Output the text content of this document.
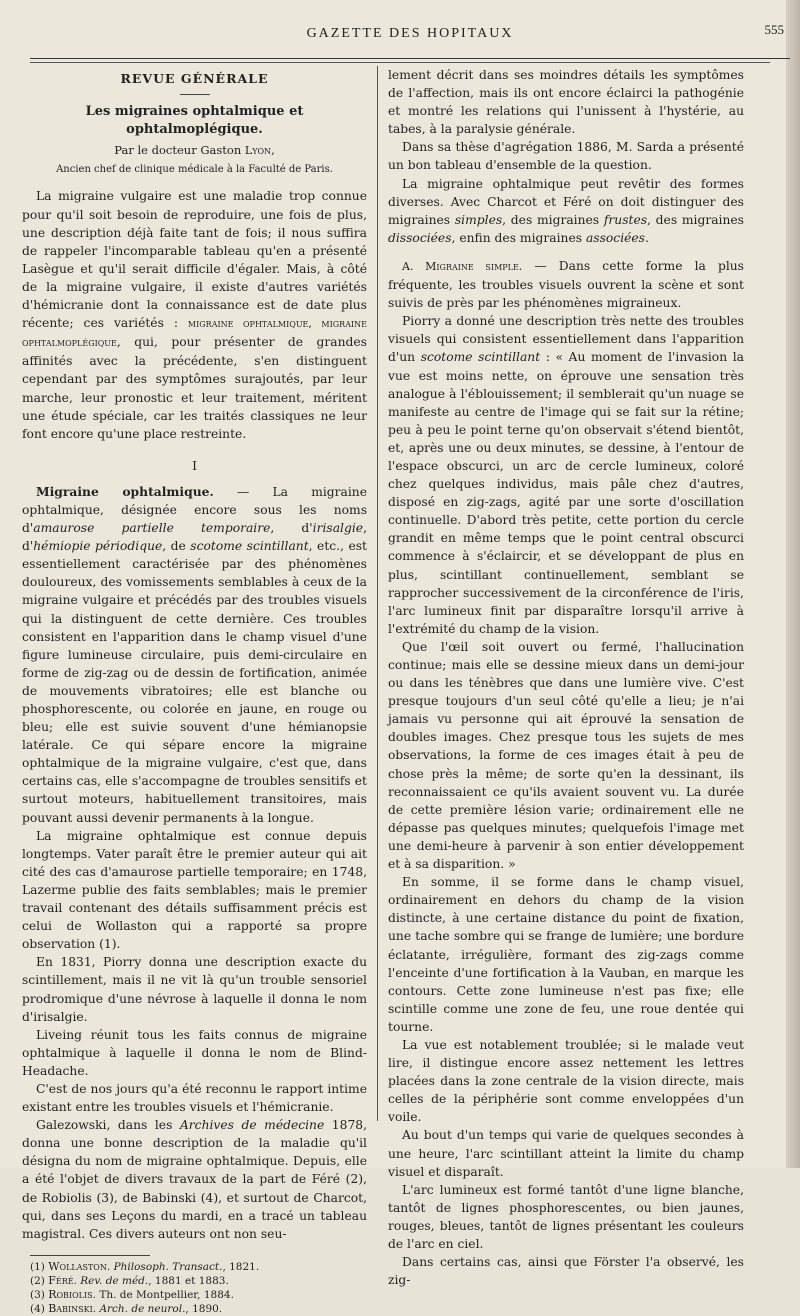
GAZETTE DES HOPITAUX	555
REVUE GÉNÉRALE
Les migraines ophtalmique et ophtalmoplégique.
Par le docteur Gaston Lyon,
Ancien chef de clinique médicale à la Faculté de Paris.

La migraine vulgaire est une maladie trop connue pour qu'il soit besoin de reproduire, une fois de plus, une description déjà faite tant de fois; il nous suffira de rappeler l'incomparable tableau qu'en a présenté Lasègue et qu'il serait difficile d'égaler. Mais, à côté de la migraine vulgaire, il existe d'autres variétés d'hémicranie dont la connaissance est de date plus récente; ces variétés : migraine ophtalmique, migraine ophtalmoplégique, qui, pour présenter de grandes affinités avec la précédente, s'en distinguent cependant par des symptômes surajoutés, par leur marche, leur pronostic et leur traitement, méritent une étude spéciale, car les traités classiques ne leur font encore qu'une place restreinte.

I

Migraine ophtalmique. — La migraine ophtalmique, désignée encore sous les noms d'amaurose partielle temporaire, d'irisalgie, d'hémiopie périodique, de scotome scintillant, etc., est essentiellement caractérisée par des phénomènes douloureux, des vomissements semblables à ceux de la migraine vulgaire et précédés par des troubles visuels qui la distinguent de cette dernière. Ces troubles consistent en l'apparition dans le champ visuel d'une figure lumineuse circulaire, puis demi-circulaire en forme de zig-zag ou de dessin de fortification, animée de mouvements vibratoires; elle est blanche ou phosphorescente, ou colorée en jaune, en rouge ou bleu; elle est suivie souvent d'une hémianopsie latérale. Ce qui sépare encore la migraine ophtalmique de la migraine vulgaire, c'est que, dans certains cas, elle s'accompagne de troubles sensitifs et surtout moteurs, habituellement transitoires, mais pouvant aussi devenir permanents à la longue.

La migraine ophtalmique est connue depuis longtemps. Vater paraît être le premier auteur qui ait cité des cas d'amaurose partielle temporaire; en 1748, Lazerme publie des faits semblables; mais le premier travail contenant des détails suffisamment précis est celui de Wollaston qui a rapporté sa propre observation (1).

En 1831, Piorry donna une description exacte du scintillement, mais il ne vit là qu'un trouble sensoriel prodromique d'une névrose à laquelle il donna le nom d'irisalgie.

Liveing réunit tous les faits connus de migraine ophtalmique à laquelle il donna le nom de Blind-Headache.

C'est de nos jours qu'a été reconnu le rapport intime existant entre les troubles visuels et l'hémicranie.

Galezowski, dans les Archives de médecine 1878, donna une bonne description de la maladie qu'il désigna du nom de migraine ophtalmique. Depuis, elle a été l'objet de divers travaux de la part de Féré (2), de Robiolis (3), de Babinski (4), et surtout de Charcot, qui, dans ses Leçons du mardi, en a tracé un tableau magistral. Ces divers auteurs ont non seu-

(1) Wollaston. Philosoph. Transact., 1821.
(2) Féré. Rev. de méd., 1881 et 1883.
(3) Robiolis. Th. de Montpellier, 1884.
(4) Babinski. Arch. de neurol., 1890.

lement décrit dans ses moindres détails les symptômes de l'affection, mais ils ont encore éclairci la pathogénie et montré les relations qui l'unissent à l'hystérie, au tabes, à la paralysie générale.

Dans sa thèse d'agrégation 1886, M. Sarda a présenté un bon tableau d'ensemble de la question.

La migraine ophtalmique peut revêtir des formes diverses. Avec Charcot et Féré on doit distinguer des migraines simples, des migraines frustes, des migraines dissociées, enfin des migraines associées.

A. Migraine simple. — Dans cette forme la plus fréquente, les troubles visuels ouvrent la scène et sont suivis de près par les phénomènes migraineux.

Piorry a donné une description très nette des troubles visuels qui consistent essentiellement dans l'apparition d'un scotome scintillant : « Au moment de l'invasion la vue est moins nette, on éprouve une sensation très analogue à l'éblouissement; il semblerait qu'un nuage se manifeste au centre de l'image qui se fait sur la rétine; peu à peu le point terne qu'on observait s'étend bientôt, et, après une ou deux minutes, se dessine, à l'entour de l'espace obscurci, un arc de cercle lumineux, coloré chez quelques individus, mais pâle chez d'autres, disposé en zig-zags, agité par une sorte d'oscillation continuelle. D'abord très petite, cette portion du cercle grandit en même temps que le point central obscurci commence à s'éclaircir, et se développant de plus en plus, scintillant continuellement, semblant se rapprocher successivement de la circonférence de l'iris, l'arc lumineux finit par disparaître lorsqu'il arrive à l'extrémité du champ de la vision.

Que l'œil soit ouvert ou fermé, l'hallucination continue; mais elle se dessine mieux dans un demi-jour ou dans les ténèbres que dans une lumière vive. C'est presque toujours d'un seul côté qu'elle a lieu; je n'ai jamais vu personne qui ait éprouvé la sensation de doubles images. Chez presque tous les sujets de mes observations, la forme de ces images était à peu de chose près la même; de sorte qu'en la dessinant, ils reconnaissaient ce qu'ils avaient souvent vu. La durée de cette première lésion varie; ordinairement elle ne dépasse pas quelques minutes; quelquefois l'image met une demi-heure à parvenir à son entier développement et à sa disparition. »

En somme, il se forme dans le champ visuel, ordinairement en dehors du champ de la vision distincte, à une certaine distance du point de fixation, une tache sombre qui se frange de lumière; une bordure éclatante, irrégulière, formant des zig-zags comme l'enceinte d'une fortification à la Vauban, en marque les contours. Cette zone lumineuse n'est pas fixe; elle scintille comme une zone de feu, une roue dentée qui tourne.

La vue est notablement troublée; si le malade veut lire, il distingue encore assez nettement les lettres placées dans la zone centrale de la vision directe, mais celles de la périphérie sont comme enveloppées d'un voile.

Au bout d'un temps qui varie de quelques secondes à une heure, l'arc scintillant atteint la limite du champ visuel et disparaît.

L'arc lumineux est formé tantôt d'une ligne blanche, tantôt de lignes phosphorescentes, ou bien jaunes, rouges, bleues, tantôt de lignes présentant les couleurs de l'arc en ciel.

Dans certains cas, ainsi que Förster l'a observé, les zig-
